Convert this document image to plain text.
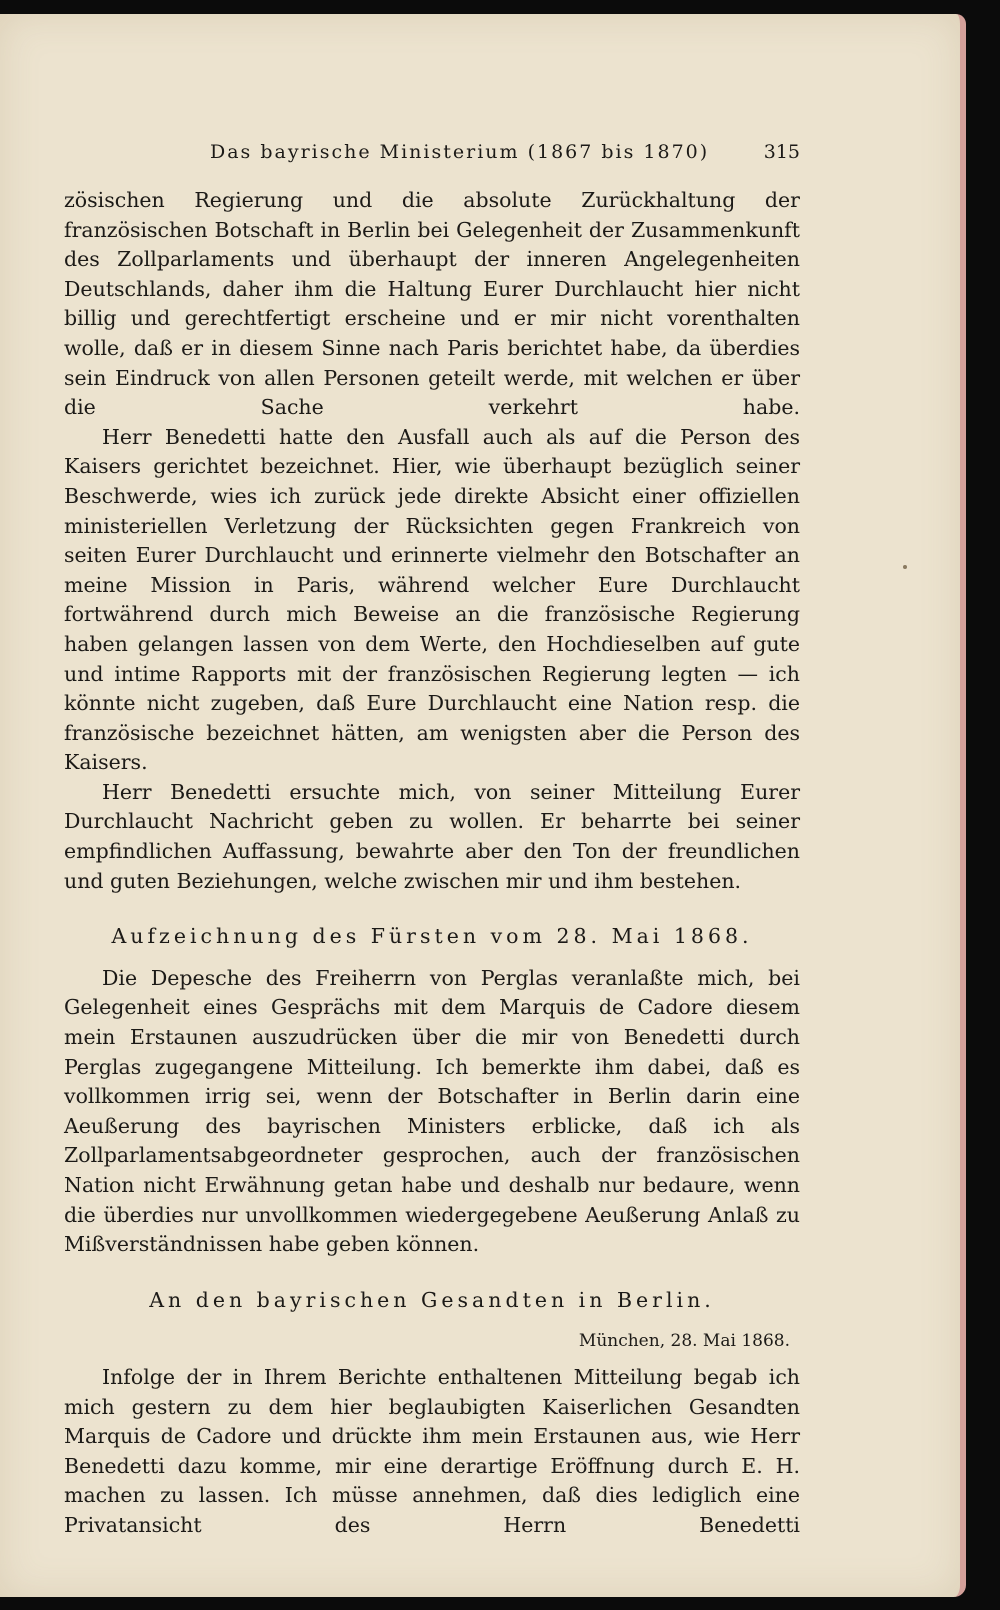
Das bayrische Ministerium (1867 bis 1870)	315

zösischen Regierung und die absolute Zurückhaltung der französischen Botschaft in Berlin bei Gelegenheit der Zusammenkunft des Zollparlaments und überhaupt der inneren Angelegenheiten Deutschlands, daher ihm die Haltung Eurer Durchlaucht hier nicht billig und gerechtfertigt erscheine und er mir nicht vorenthalten wolle, daß er in diesem Sinne nach Paris berichtet habe, da überdies sein Eindruck von allen Personen geteilt werde, mit welchen er über die Sache verkehrt habe.

Herr Benedetti hatte den Ausfall auch als auf die Person des Kaisers gerichtet bezeichnet. Hier, wie überhaupt bezüglich seiner Beschwerde, wies ich zurück jede direkte Absicht einer offiziellen ministeriellen Verletzung der Rücksichten gegen Frankreich von seiten Eurer Durchlaucht und erinnerte vielmehr den Botschafter an meine Mission in Paris, während welcher Eure Durchlaucht fortwährend durch mich Beweise an die französische Regierung haben gelangen lassen von dem Werte, den Hochdieselben auf gute und intime Rapports mit der französischen Regierung legten — ich könnte nicht zugeben, daß Eure Durchlaucht eine Nation resp. die französische bezeichnet hätten, am wenigsten aber die Person des Kaisers.

Herr Benedetti ersuchte mich, von seiner Mitteilung Eurer Durchlaucht Nachricht geben zu wollen. Er beharrte bei seiner empfindlichen Auffassung, bewahrte aber den Ton der freundlichen und guten Beziehungen, welche zwischen mir und ihm bestehen.

Aufzeichnung des Fürsten vom 28. Mai 1868.

Die Depesche des Freiherrn von Perglas veranlaßte mich, bei Gelegenheit eines Gesprächs mit dem Marquis de Cadore diesem mein Erstaunen auszudrücken über die mir von Benedetti durch Perglas zugegangene Mitteilung. Ich bemerkte ihm dabei, daß es vollkommen irrig sei, wenn der Botschafter in Berlin darin eine Aeußerung des bayrischen Ministers erblicke, daß ich als Zollparlamentsabgeordneter gesprochen, auch der französischen Nation nicht Erwähnung getan habe und deshalb nur bedaure, wenn die überdies nur unvollkommen wiedergegebene Aeußerung Anlaß zu Mißverständnissen habe geben können.

An den bayrischen Gesandten in Berlin.
München, 28. Mai 1868.

Infolge der in Ihrem Berichte enthaltenen Mitteilung begab ich mich gestern zu dem hier beglaubigten Kaiserlichen Gesandten Marquis de Cadore und drückte ihm mein Erstaunen aus, wie Herr Benedetti dazu komme, mir eine derartige Eröffnung durch E. H. machen zu lassen. Ich müsse annehmen, daß dies lediglich eine Privatansicht des Herrn Benedetti
